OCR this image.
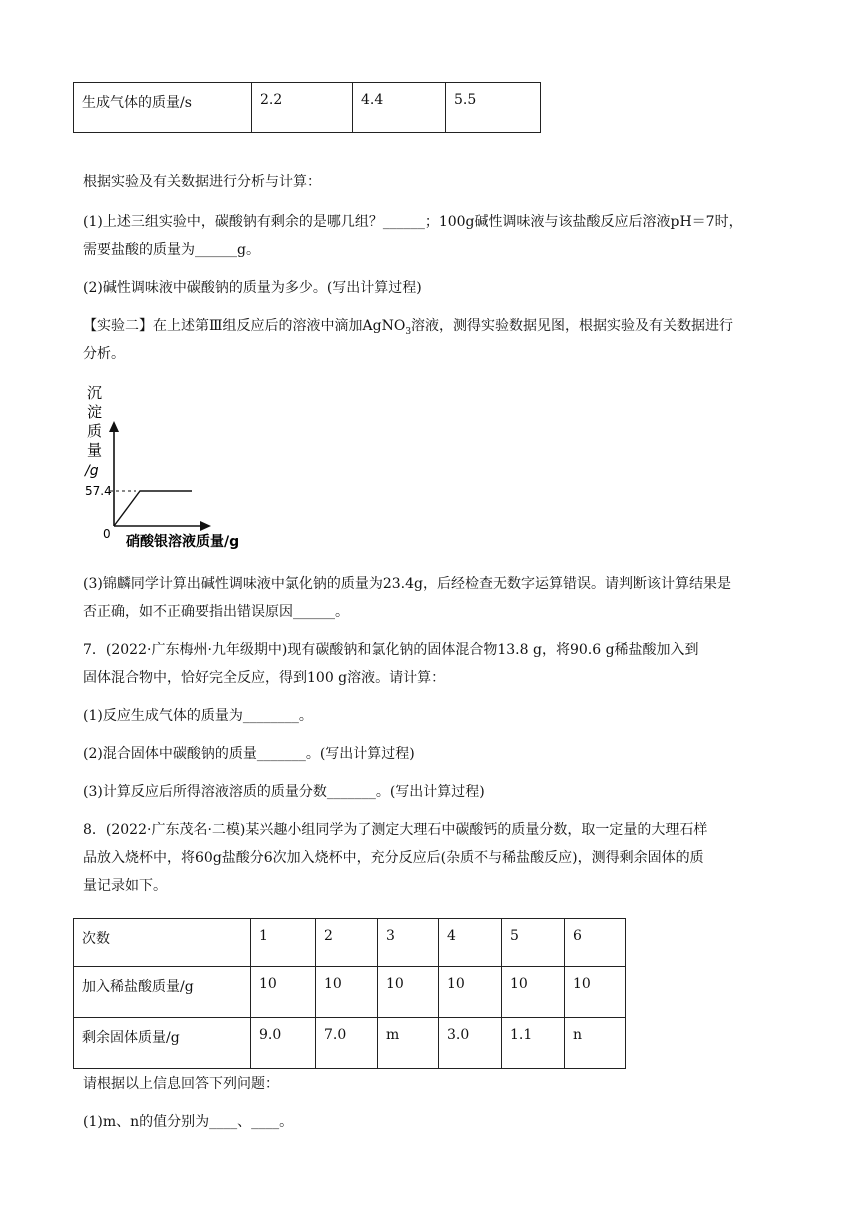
生成气体的质量/s	2.2	4.4	5.5
根据实验及有关数据进行分析与计算：
(1)上述三组实验中，碳酸钠有剩余的是哪几组？______；100g碱性调味液与该盐酸反应后溶液pH＝7时，
需要盐酸的质量为______g。
(2)碱性调味液中碳酸钠的质量为多少。(写出计算过程)
【实验二】在上述第Ⅲ组反应后的溶液中滴加AgNO$_3$溶液，测得实验数据见图，根据实验及有关数据进行
分析。
沉
淀
质
量
/g
57.4
0 硝酸银溶液质量/g
(3)锦麟同学计算出碱性调味液中氯化钠的质量为23.4g，后经检查无数字运算错误。请判断该计算结果是
否正确，如不正确要指出错误原因______。
7．(2022·广东梅州·九年级期中)现有碳酸钠和氯化钠的固体混合物13.8 g，将90.6 g稀盐酸加入到
固体混合物中，恰好完全反应，得到100 g溶液。请计算：
(1)反应生成气体的质量为________。
(2)混合固体中碳酸钠的质量_______。(写出计算过程)
(3)计算反应后所得溶液溶质的质量分数_______。(写出计算过程)
8．(2022·广东茂名·二模)某兴趣小组同学为了测定大理石中碳酸钙的质量分数，取一定量的大理石样
品放入烧杯中，将60g盐酸分6次加入烧杯中，充分反应后(杂质不与稀盐酸反应)，测得剩余固体的质
量记录如下。
次数	1	2	3	4	5	6
加入稀盐酸质量/g	10	10	10	10	10	10
剩余固体质量/g	9.0	7.0	m	3.0	1.1	n
请根据以上信息回答下列问题：
(1)m、n的值分别为____、____。
